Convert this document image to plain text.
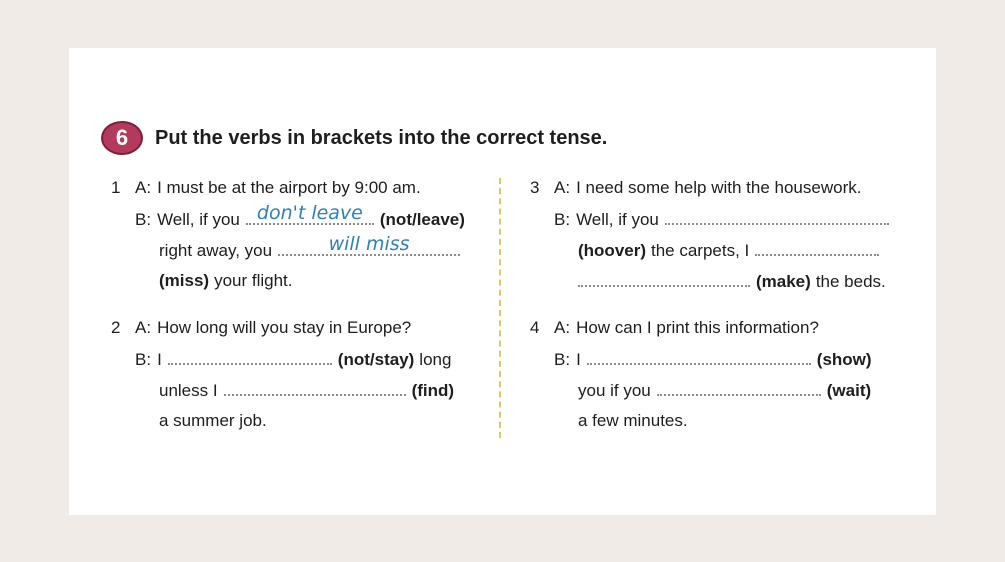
6	Put the verbs in brackets into the correct tense.
1 A: I must be at the airport by 9:00 am.
B: Well, if you don't leave	(not/leave)
right away, you	will miss
(miss) your flight.
2 A: How long will you stay in Europe?
B: I	(not/stay) long
unless I	(find)
a summer job.
3 A: I need some help with the housework.
B: Well, if you
(hoover) the carpets, I
(make) the beds.
4 A: How can I print this information?
B: I	(show)
you if you	(wait)
a few minutes.
